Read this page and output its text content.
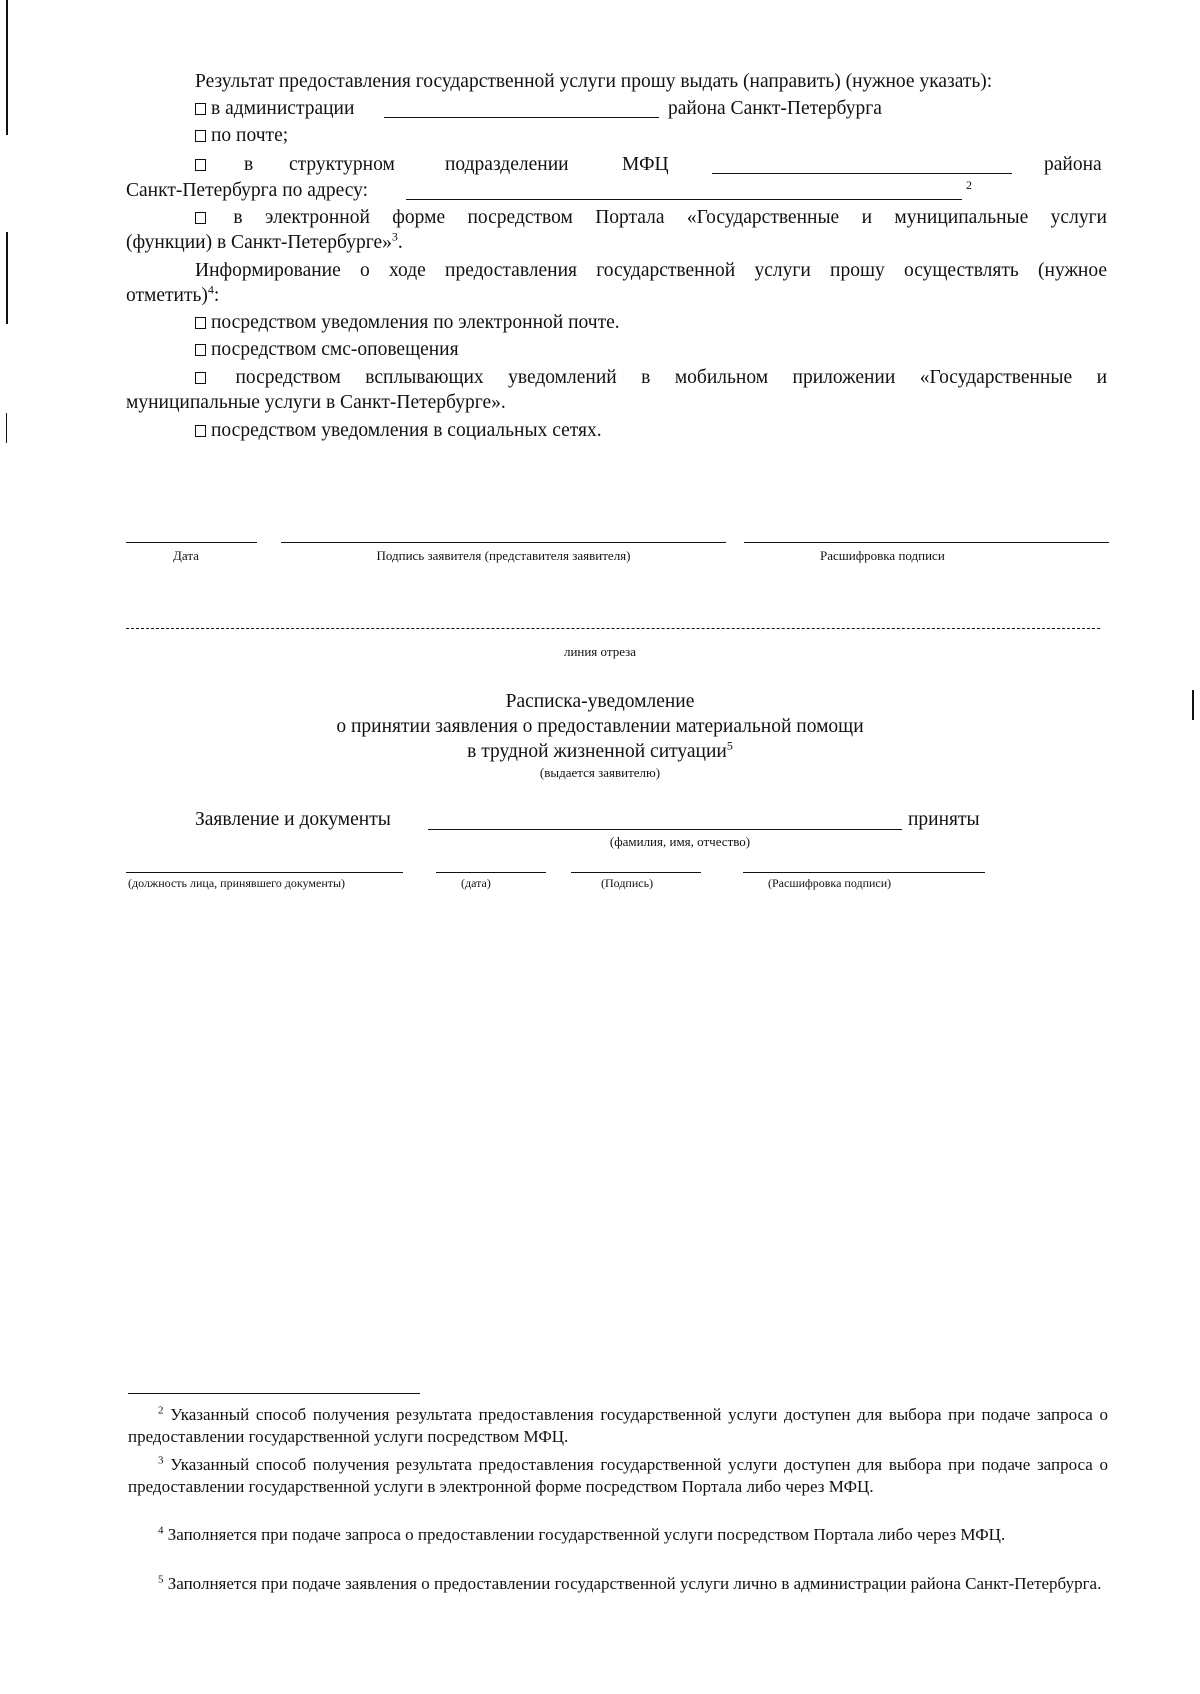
Результат предоставления государственной услуги прошу выдать (направить) (нужное указать):
в администрации	района Санкт-Петербурга
по почте;
в структурном	подразделении	МФЦ	района
Санкт-Петербурга по адресу:	2
в электронной форме посредством Портала «Государственные и муниципальные услуги
(функции) в Санкт-Петербурге»$^3$.
Информирование о ходе предоставления государственной услуги прошу осуществлять (нужное
отметить)$^4$:
посредством уведомления по электронной почте.
посредством смс-оповещения
посредством всплывающих уведомлений в мобильном приложении «Государственные и
муниципальные услуги в Санкт-Петербурге».
посредством уведомления в социальных сетях.
Дата	Подпись заявителя (представителя заявителя)	Расшифровка подписи
линия отреза
Расписка-уведомление
о принятии заявления о предоставлении материальной помощи
в трудной жизненной ситуации$^5$
(выдается заявителю)
Заявление и документы	приняты
(фамилия, имя, отчество)
(должность лица, принявшего документы)	(дата)	(Подпись)	(Расшифровка подписи)
$^2$ Указанный способ получения результата предоставления государственной услуги доступен для выбора при подаче запроса о предоставлении государственной услуги посредством МФЦ.
$^3$ Указанный способ получения результата предоставления государственной услуги доступен для выбора при подаче запроса о предоставлении государственной услуги в электронной форме посредством Портала либо через МФЦ.
$^4$ Заполняется при подаче запроса о предоставлении государственной услуги посредством Портала либо через МФЦ.
$^5$ Заполняется при подаче заявления о предоставлении государственной услуги лично в администрации района Санкт-Петербурга.
